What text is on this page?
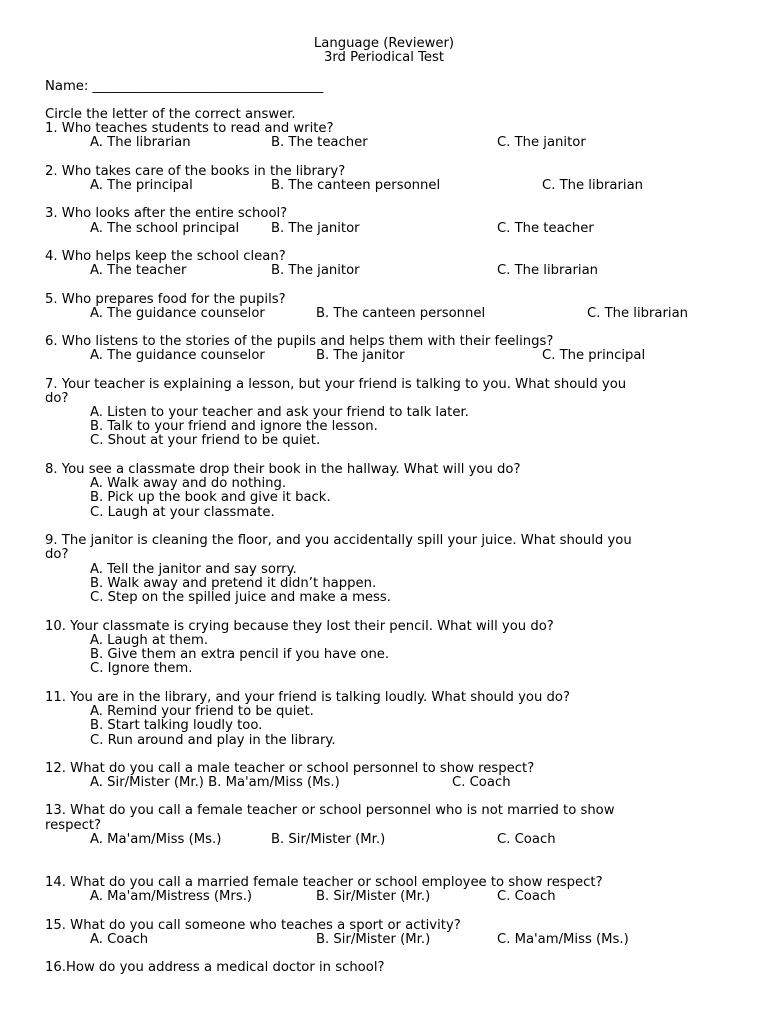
Language (Reviewer)
3rd Periodical Test
Name: ___________________________________
Circle the letter of the correct answer.
1. Who teaches students to read and write?
A. The librarian	B. The teacher	C. The janitor
2. Who takes care of the books in the library?
A. The principal	B. The canteen personnel	C. The librarian
3. Who looks after the entire school?
A. The school principal B. The janitor	C. The teacher
4. Who helps keep the school clean?
A. The teacher	B. The janitor	C. The librarian
5. Who prepares food for the pupils?
A. The guidance counselor	B. The canteen personnel	C. The librarian
6. Who listens to the stories of the pupils and helps them with their feelings?
A. The guidance counselor	B. The janitor	C. The principal
7. Your teacher is explaining a lesson, but your friend is talking to you. What should you
do?
A. Listen to your teacher and ask your friend to talk later.
B. Talk to your friend and ignore the lesson.
C. Shout at your friend to be quiet.
8. You see a classmate drop their book in the hallway. What will you do?
A. Walk away and do nothing.
B. Pick up the book and give it back.
C. Laugh at your classmate.
9. The janitor is cleaning the floor, and you accidentally spill your juice. What should you
do?
A. Tell the janitor and say sorry.
B. Walk away and pretend it didn’t happen.
C. Step on the spilled juice and make a mess.
10. Your classmate is crying because they lost their pencil. What will you do?
A. Laugh at them.
B. Give them an extra pencil if you have one.
C. Ignore them.
11. You are in the library, and your friend is talking loudly. What should you do?
A. Remind your friend to be quiet.
B. Start talking loudly too.
C. Run around and play in the library.
12. What do you call a male teacher or school personnel to show respect?
A. Sir/Mister (Mr.) B. Ma'am/Miss (Ms.)	C. Coach
13. What do you call a female teacher or school personnel who is not married to show
respect?
A. Ma'am/Miss (Ms.)	B. Sir/Mister (Mr.)	C. Coach
14. What do you call a married female teacher or school employee to show respect?
A. Ma'am/Mistress (Mrs.)	B. Sir/Mister (Mr.)	C. Coach
15. What do you call someone who teaches a sport or activity?
A. Coach	B. Sir/Mister (Mr.)	C. Ma'am/Miss (Ms.)
16.How do you address a medical doctor in school?
